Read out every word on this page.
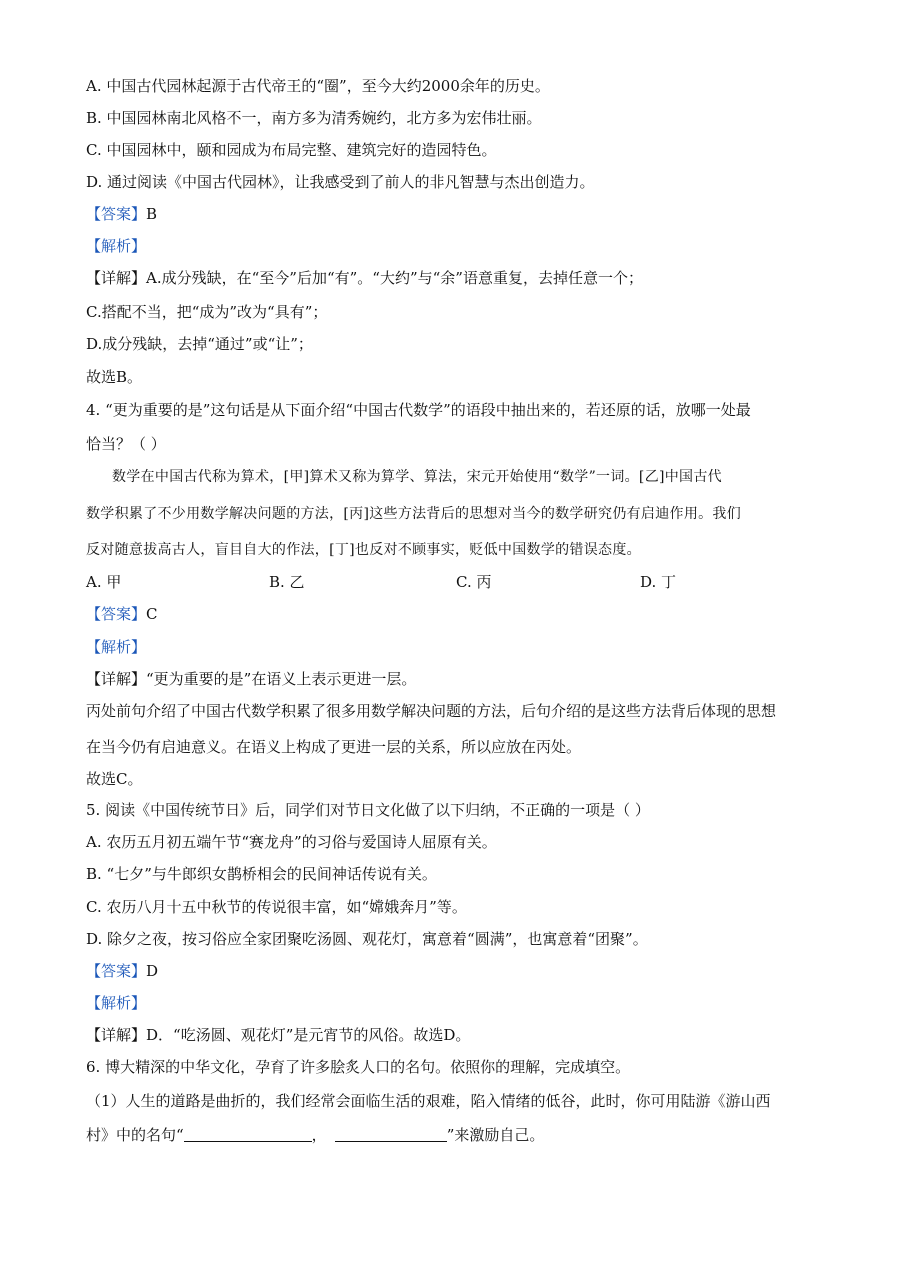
A. 中国古代园林起源于古代帝王的“圈”，至今大约2000余年的历史。
B. 中国园林南北风格不一，南方多为清秀婉约，北方多为宏伟壮丽。
C. 中国园林中，颐和园成为布局完整、建筑完好的造园特色。
D. 通过阅读《中国古代园林》，让我感受到了前人的非凡智慧与杰出创造力。
【答案】B
【解析】
【详解】A.成分残缺，在“至今”后加“有”。“大约”与“余”语意重复，去掉任意一个；
C.搭配不当，把“成为”改为“具有”；
D.成分残缺，去掉“通过”或“让”；
故选B。
4. “更为重要的是”这句话是从下面介绍“中国古代数学”的语段中抽出来的，若还原的话，放哪一处最
恰当？（ ）
数学在中国古代称为算术，[甲]算术又称为算学、算法，宋元开始使用“数学”一词。[乙]中国古代
数学积累了不少用数学解决问题的方法，[丙]这些方法背后的思想对当今的数学研究仍有启迪作用。我们
反对随意拔高古人，盲目自大的作法，[丁]也反对不顾事实，贬低中国数学的错误态度。
A. 甲	B. 乙	C. 丙	D. 丁
【答案】C
【解析】
【详解】“更为重要的是”在语义上表示更进一层。
丙处前句介绍了中国古代数学积累了很多用数学解决问题的方法，后句介绍的是这些方法背后体现的思想
在当今仍有启迪意义。在语义上构成了更进一层的关系，所以应放在丙处。
故选C。
5. 阅读《中国传统节日》后，同学们对节日文化做了以下归纳，不正确的一项是（ ）
A. 农历五月初五端午节“赛龙舟”的习俗与爱国诗人屈原有关。
B. “七夕”与牛郎织女鹊桥相会的民间神话传说有关。
C. 农历八月十五中秋节的传说很丰富，如“嫦娥奔月”等。
D. 除夕之夜，按习俗应全家团聚吃汤圆、观花灯，寓意着“圆满”，也寓意着“团聚”。
【答案】D
【解析】
【详解】D．“吃汤圆、观花灯”是元宵节的风俗。故选D。
6. 博大精深的中华文化，孕育了许多脍炙人口的名句。依照你的理解，完成填空。
（1）人生的道路是曲折的，我们经常会面临生活的艰难，陷入情绪的低谷，此时，你可用陆游《游山西
村》中的名句“	，	”来激励自己。
